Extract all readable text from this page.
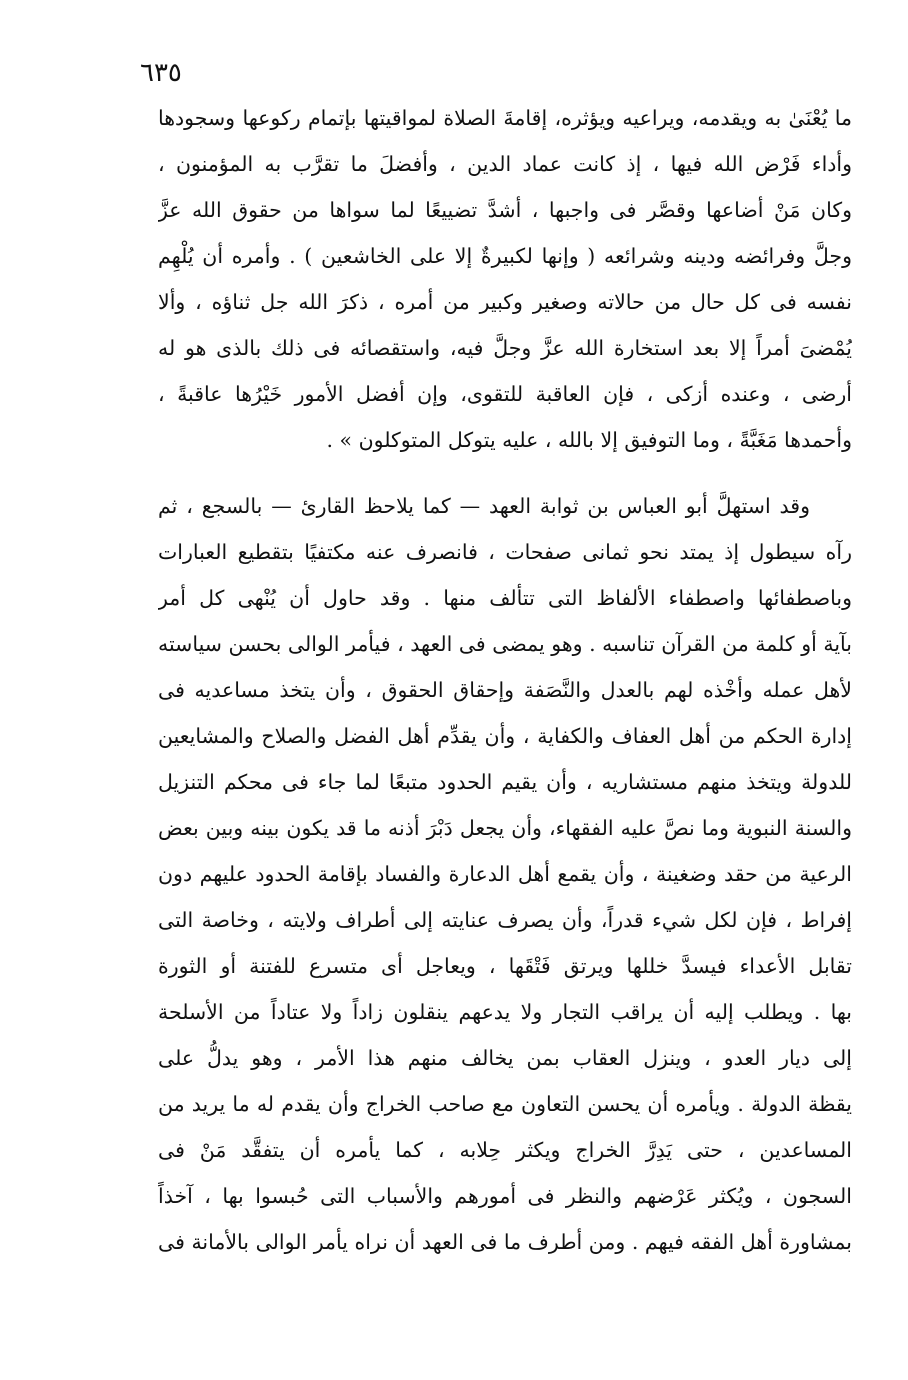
٦٣٥
ما يُعْنَىٰ به ويقدمه، ويراعيه ويؤثره، إقامةَ الصلاة لمواقيتها بإتمام ركوعها وسجودها
وأداء فَرْض الله فيها ، إذ كانت عماد الدين ، وأفضلَ ما تقرَّب به المؤمنون ،
وكان مَنْ أضاعها وقصَّر فى واجبها ، أشدَّ تضييعًا لما سواها من حقوق الله عزَّ
وجلَّ وفرائضه ودينه وشرائعه ( وإنها لكبيرةٌ إلا على الخاشعين ) . وأمره أن يُلْهِم
نفسه فى كل حال من حالاته وصغير وكبير من أمره ، ذكرَ الله جل ثناؤه ، وألا
يُمْضىَ أمراً إلا بعد استخارة الله عزَّ وجلَّ فيه، واستقصائه فى ذلك بالذى هو له
أرضى ، وعنده أزكى ، فإن العاقبة للتقوى، وإن أفضل الأمور خَيْرُها عاقبةً ،
وأحمدها مَغَبَّةً ، وما التوفيق إلا بالله ، عليه يتوكل المتوكلون » .
وقد استهلَّ أبو العباس بن ثوابة العهد — كما يلاحظ القارئ — بالسجع ، ثم
رآه سيطول إذ يمتد نحو ثمانى صفحات ، فانصرف عنه مكتفيًا بتقطيع العبارات
وباصطفائها واصطفاء الألفاظ التى تتألف منها . وقد حاول أن يُنْهى كل أمر
بآية أو كلمة من القرآن تناسبه . وهو يمضى فى العهد ، فيأمر الوالى بحسن سياسته
لأهل عمله وأخْذه لهم بالعدل والنَّصَفة وإحقاق الحقوق ، وأن يتخذ مساعديه فى
إدارة الحكم من أهل العفاف والكفاية ، وأن يقدِّم أهل الفضل والصلاح والمشايعين
للدولة ويتخذ منهم مستشاريه ، وأن يقيم الحدود متبعًا لما جاء فى محكم التنزيل
والسنة النبوية وما نصَّ عليه الفقهاء، وأن يجعل دَبْرَ أذنه ما قد يكون بينه وبين بعض
الرعية من حقد وضغينة ، وأن يقمع أهل الدعارة والفساد بإقامة الحدود عليهم دون
إفراط ، فإن لكل شيء قدراً، وأن يصرف عنايته إلى أطراف ولايته ، وخاصة التى
تقابل الأعداء فيسدَّ خللها ويرتق فَتْقَها ، ويعاجل أى متسرع للفتنة أو الثورة
بها . ويطلب إليه أن يراقب التجار ولا يدعهم ينقلون زاداً ولا عتاداً من الأسلحة
إلى ديار العدو ، وينزل العقاب بمن يخالف منهم هذا الأمر ، وهو يدلُّ على
يقظة الدولة . ويأمره أن يحسن التعاون مع صاحب الخراج وأن يقدم له ما يريد من
المساعدين ، حتى يَدِرَّ الخراج ويكثر حِلابه ، كما يأمره أن يتفقَّد مَنْ فى
السجون ، ويُكثر عَرْضهم والنظر فى أمورهم والأسباب التى حُبسوا بها ، آخذاً
بمشاورة أهل الفقه فيهم . ومن أطرف ما فى العهد أن نراه يأمر الوالى بالأمانة فى
